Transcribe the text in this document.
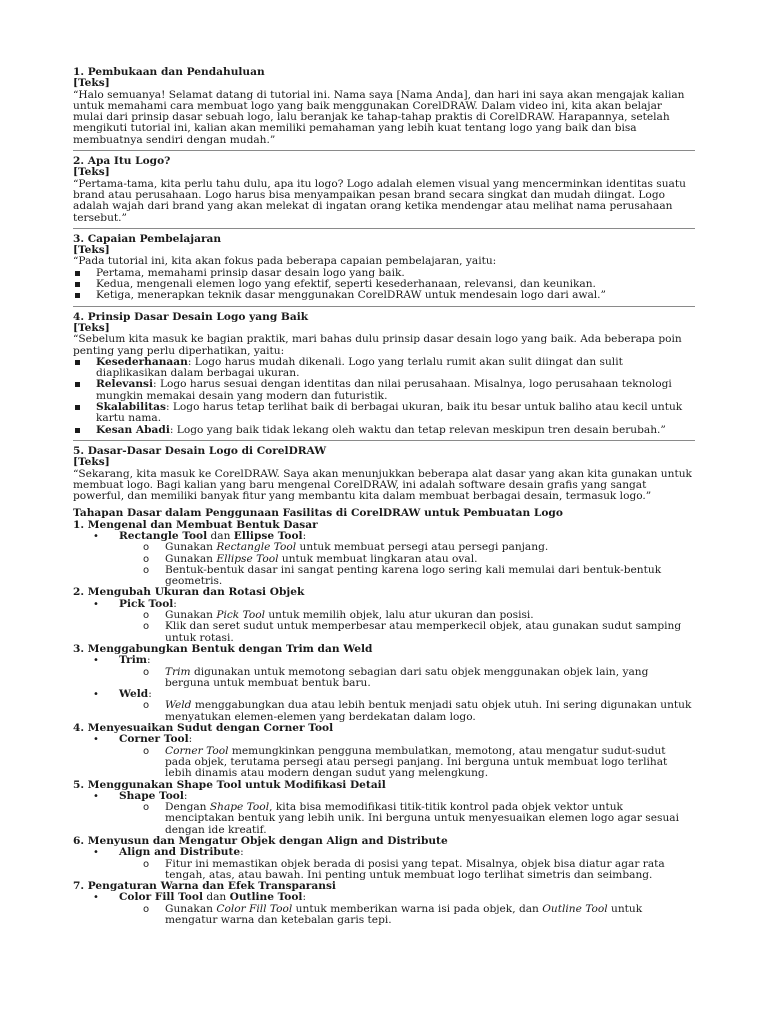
1. Pembukaan dan Pendahuluan
[Teks]

“Halo semuanya! Selamat datang di tutorial ini. Nama saya [Nama Anda], dan hari ini saya akan mengajak kalian untuk memahami cara membuat logo yang baik menggunakan CorelDRAW. Dalam video ini, kita akan belajar mulai dari prinsip dasar sebuah logo, lalu beranjak ke tahap-tahap praktis di CorelDRAW. Harapannya, setelah mengikuti tutorial ini, kalian akan memiliki pemahaman yang lebih kuat tentang logo yang baik dan bisa membuatnya sendiri dengan mudah.”

2. Apa Itu Logo?
[Teks]

“Pertama-tama, kita perlu tahu dulu, apa itu logo? Logo adalah elemen visual yang mencerminkan identitas suatu brand atau perusahaan. Logo harus bisa menyampaikan pesan brand secara singkat dan mudah diingat. Logo adalah wajah dari brand yang akan melekat di ingatan orang ketika mendengar atau melihat nama perusahaan tersebut.”

3. Capaian Pembelajaran
[Teks]

“Pada tutorial ini, kita akan fokus pada beberapa capaian pembelajaran, yaitu:

Pertama, memahami prinsip dasar desain logo yang baik.
Kedua, mengenali elemen logo yang efektif, seperti kesederhanaan, relevansi, dan keunikan.
Ketiga, menerapkan teknik dasar menggunakan CorelDRAW untuk mendesain logo dari awal.”
4. Prinsip Dasar Desain Logo yang Baik
[Teks]

“Sebelum kita masuk ke bagian praktik, mari bahas dulu prinsip dasar desain logo yang baik. Ada beberapa poin penting yang perlu diperhatikan, yaitu:

Kesederhanaan: Logo harus mudah dikenali. Logo yang terlalu rumit akan sulit diingat dan sulit diaplikasikan dalam berbagai ukuran.
Relevansi: Logo harus sesuai dengan identitas dan nilai perusahaan. Misalnya, logo perusahaan teknologi mungkin memakai desain yang modern dan futuristik.
Skalabilitas: Logo harus tetap terlihat baik di berbagai ukuran, baik itu besar untuk baliho atau kecil untuk kartu nama.
Kesan Abadi: Logo yang baik tidak lekang oleh waktu dan tetap relevan meskipun tren desain berubah.”
5. Dasar-Dasar Desain Logo di CorelDRAW
[Teks]

“Sekarang, kita masuk ke CorelDRAW. Saya akan menunjukkan beberapa alat dasar yang akan kita gunakan untuk membuat logo. Bagi kalian yang baru mengenal CorelDRAW, ini adalah software desain grafis yang sangat powerful, dan memiliki banyak fitur yang membantu kita dalam membuat berbagai desain, termasuk logo.”

Tahapan Dasar dalam Penggunaan Fasilitas di CorelDRAW untuk Pembuatan Logo
1. Mengenal dan Membuat Bentuk Dasar
• Rectangle Tool dan Ellipse Tool:
o Gunakan Rectangle Tool untuk membuat persegi atau persegi panjang.
o Gunakan Ellipse Tool untuk membuat lingkaran atau oval.
o Bentuk-bentuk dasar ini sangat penting karena logo sering kali memulai dari bentuk-bentuk geometris.
2. Mengubah Ukuran dan Rotasi Objek
• Pick Tool:
o Gunakan Pick Tool untuk memilih objek, lalu atur ukuran dan posisi.
o Klik dan seret sudut untuk memperbesar atau memperkecil objek, atau gunakan sudut samping untuk rotasi.
3. Menggabungkan Bentuk dengan Trim dan Weld
• Trim:
o Trim digunakan untuk memotong sebagian dari satu objek menggunakan objek lain, yang berguna untuk membuat bentuk baru.
• Weld:
o Weld menggabungkan dua atau lebih bentuk menjadi satu objek utuh. Ini sering digunakan untuk menyatukan elemen-elemen yang berdekatan dalam logo.
4. Menyesuaikan Sudut dengan Corner Tool
• Corner Tool:
o Corner Tool memungkinkan pengguna membulatkan, memotong, atau mengatur sudut-sudut pada objek, terutama persegi atau persegi panjang. Ini berguna untuk membuat logo terlihat lebih dinamis atau modern dengan sudut yang melengkung.
5. Menggunakan Shape Tool untuk Modifikasi Detail
• Shape Tool:
o Dengan Shape Tool, kita bisa memodifikasi titik-titik kontrol pada objek vektor untuk menciptakan bentuk yang lebih unik. Ini berguna untuk menyesuaikan elemen logo agar sesuai dengan ide kreatif.
6. Menyusun dan Mengatur Objek dengan Align and Distribute
• Align and Distribute:
o Fitur ini memastikan objek berada di posisi yang tepat. Misalnya, objek bisa diatur agar rata tengah, atas, atau bawah. Ini penting untuk membuat logo terlihat simetris dan seimbang.
7. Pengaturan Warna dan Efek Transparansi
• Color Fill Tool dan Outline Tool:
o Gunakan Color Fill Tool untuk memberikan warna isi pada objek, dan Outline Tool untuk mengatur warna dan ketebalan garis tepi.
